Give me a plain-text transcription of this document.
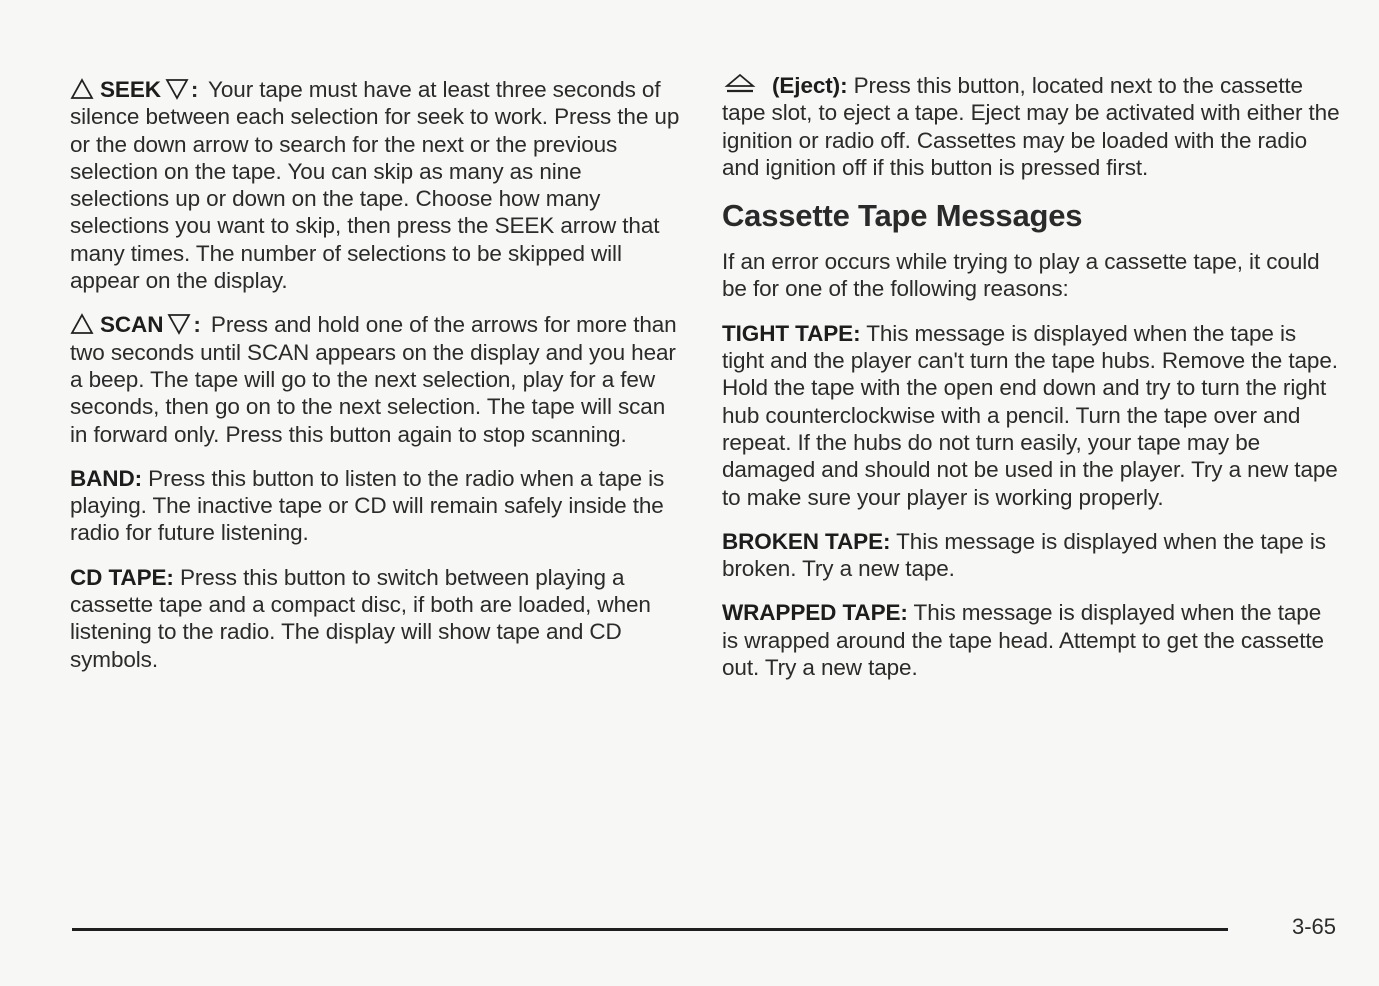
SEEK : Your tape must have at least three seconds of silence between each selection for seek to work. Press the up or the down arrow to search for the next or the previous selection on the tape. You can skip as many as nine selections up or down on the tape. Choose how many selections you want to skip, then press the SEEK arrow that many times. The number of selections to be skipped will appear on the display.

SCAN : Press and hold one of the arrows for more than two seconds until SCAN appears on the display and you hear a beep. The tape will go to the next selection, play for a few seconds, then go on to the next selection. The tape will scan in forward only. Press this button again to stop scanning.

BAND: Press this button to listen to the radio when a tape is playing. The inactive tape or CD will remain safely inside the radio for future listening.

CD TAPE: Press this button to switch between playing a cassette tape and a compact disc, if both are loaded, when listening to the radio. The display will show tape and CD symbols.

(Eject): Press this button, located next to the cassette tape slot, to eject a tape. Eject may be activated with either the ignition or radio off. Cassettes may be loaded with the radio and ignition off if this button is pressed first.

Cassette Tape Messages

If an error occurs while trying to play a cassette tape, it could be for one of the following reasons:

TIGHT TAPE: This message is displayed when the tape is tight and the player can't turn the tape hubs. Remove the tape. Hold the tape with the open end down and try to turn the right hub counterclockwise with a pencil. Turn the tape over and repeat. If the hubs do not turn easily, your tape may be damaged and should not be used in the player. Try a new tape to make sure your player is working properly.

BROKEN TAPE: This message is displayed when the tape is broken. Try a new tape.

WRAPPED TAPE: This message is displayed when the tape is wrapped around the tape head. Attempt to get the cassette out. Try a new tape.

3-65
